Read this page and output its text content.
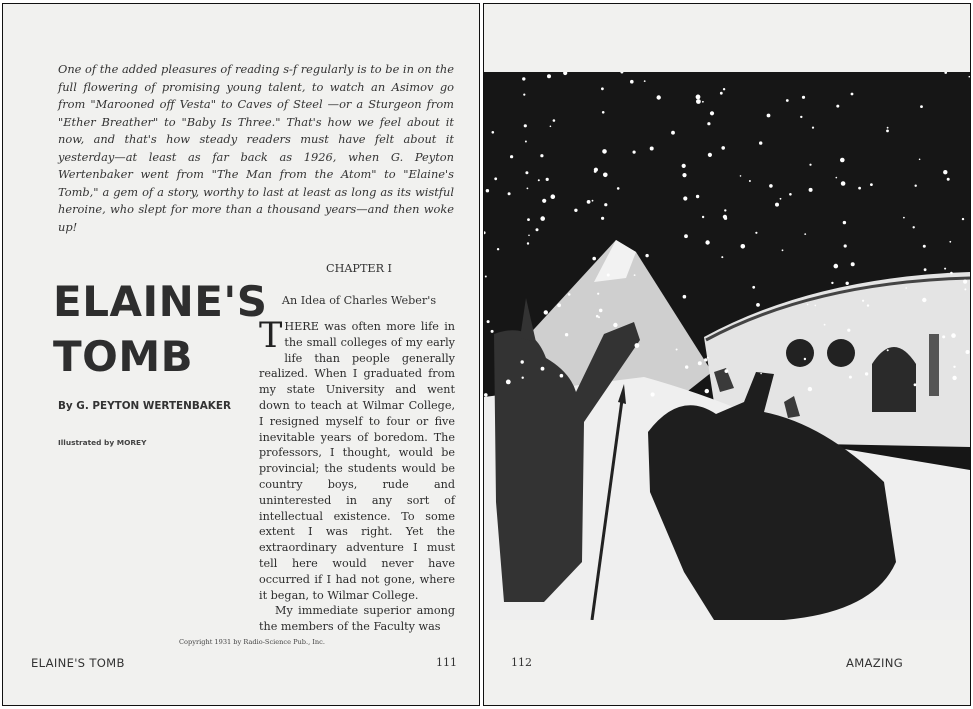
One of the added pleasures of reading s-f regularly is to be in on the full flowering of promising young talent, to watch an Asimov go from "Marooned off Vesta" to Caves of Steel —or a Sturgeon from "Ether Breather" to "Baby Is Three." That's how we feel about it now, and that's how steady readers must have felt about it yesterday—at least as far back as 1926, when G. Peyton Wertenbaker went from "The Man from the Atom" to "Elaine's Tomb," a gem of a story, worthy to last at least as long as its wistful heroine, who slept for more than a thousand years—and then woke up!

ELAINE'S
TOMB

By G. PEYTON WERTENBAKER

Illustrated by MOREY

CHAPTER I

An Idea of Charles Weber's

THERE was often more life in the small colleges of my early life than people generally realized. When I graduated from my state University and went down to teach at Wilmar College, I resigned myself to four or five inevitable years of boredom. The professors, I thought, would be provincial; the students would be country boys, rude and uninterested in any sort of intellectual existence. To some extent I was right. Yet the extraordinary adventure I must tell here would never have occurred if I had not gone, where it began, to Wilmar College.

My immediate superior among the members of the Faculty was

Copyright 1931 by Radio-Science Pub., Inc.

ELAINE'S TOMB	111	112	AMAZING
